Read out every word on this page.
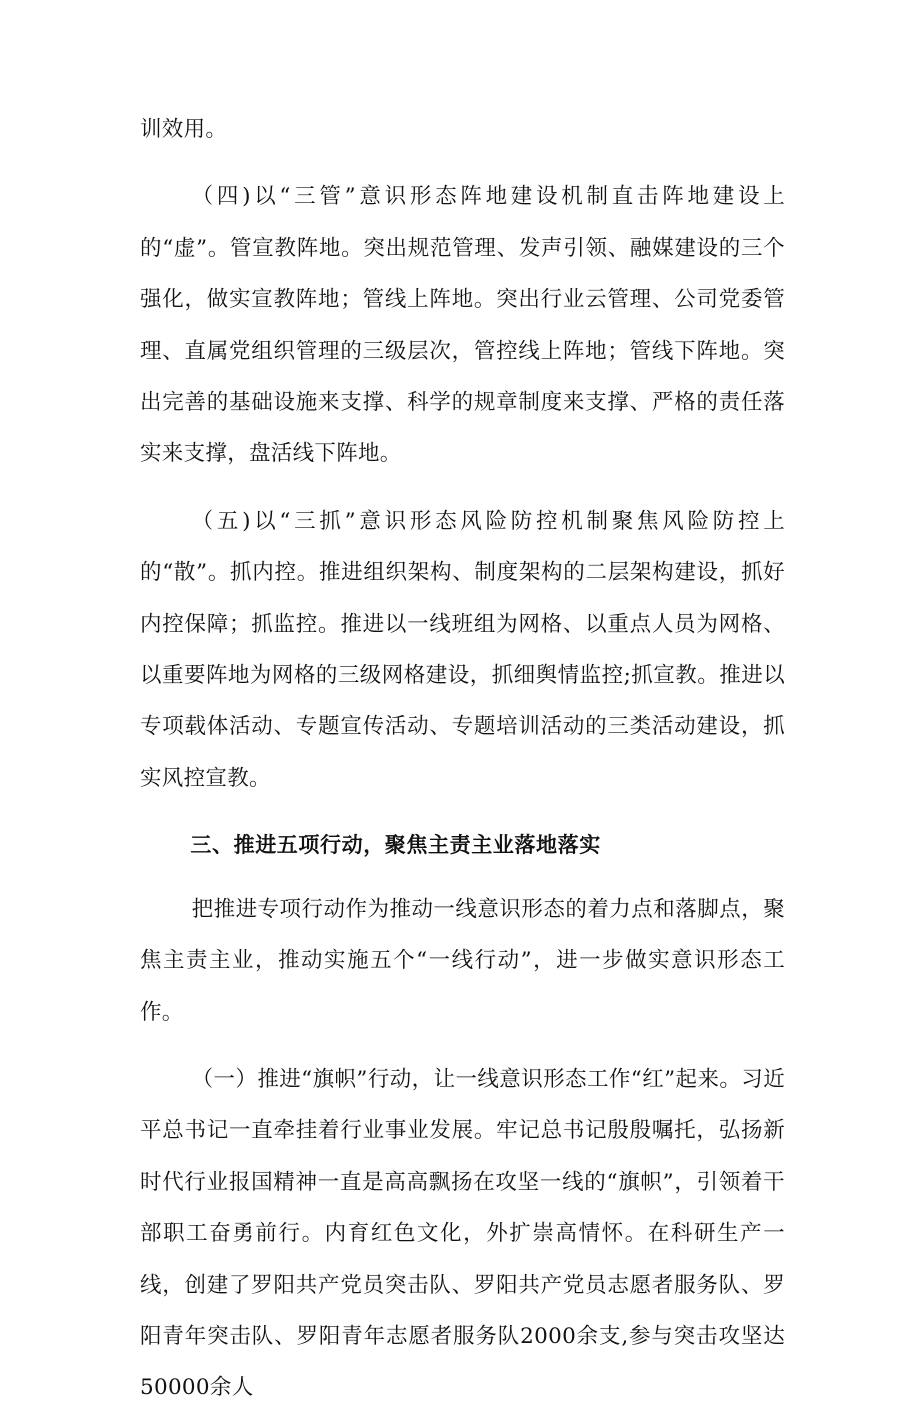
训效用。

（四)以“三管”意识形态阵地建设机制直击阵地建设上的“虚”。管宣教阵地。突出规范管理、发声引领、融媒建设的三个强化，做实宣教阵地；管线上阵地。突出行业云管理、公司党委管理、直属党组织管理的三级层次，管控线上阵地；管线下阵地。突出完善的基础设施来支撑、科学的规章制度来支撑、严格的责任落实来支撑，盘活线下阵地。

（五)以“三抓”意识形态风险防控机制聚焦风险防控上的“散”。抓内控。推进组织架构、制度架构的二层架构建设，抓好内控保障；抓监控。推进以一线班组为网格、以重点人员为网格、以重要阵地为网格的三级网格建设，抓细舆情监控;抓宣教。推进以专项载体活动、专题宣传活动、专题培训活动的三类活动建设，抓实风控宣教。

三、推进五项行动，聚焦主责主业落地落实

把推进专项行动作为推动一线意识形态的着力点和落脚点，聚焦主责主业，推动实施五个“一线行动”，进一步做实意识形态工作。

（一）推进“旗帜”行动，让一线意识形态工作“红”起来。习近平总书记一直牵挂着行业事业发展。牢记总书记殷殷嘱托，弘扬新时代行业报国精神一直是高高飘扬在攻坚一线的“旗帜”，引领着干部职工奋勇前行。内育红色文化，外扩崇高情怀。在科研生产一线，创建了罗阳共产党员突击队、罗阳共产党员志愿者服务队、罗阳青年突击队、罗阳青年志愿者服务队2000余支,参与突击攻坚达50000余人
